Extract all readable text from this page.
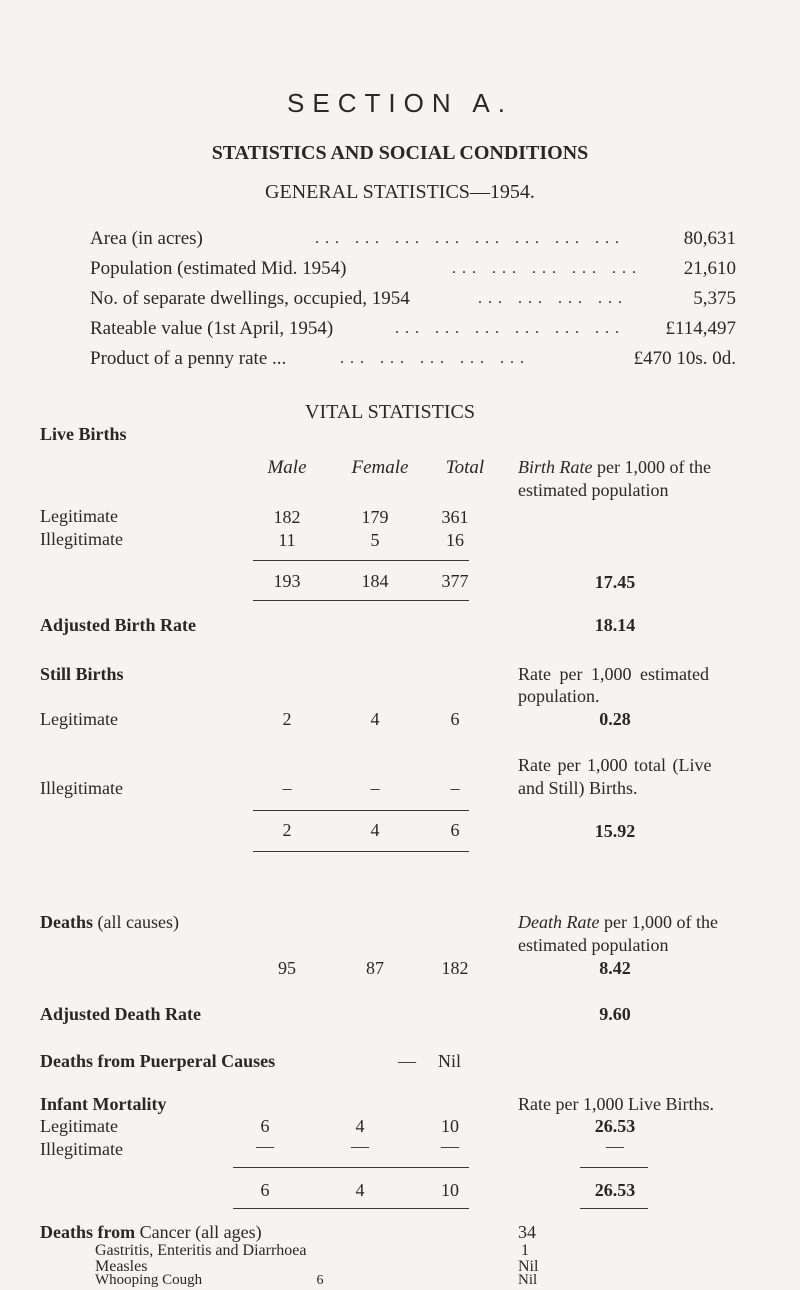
SECTION A.
STATISTICS AND SOCIAL CONDITIONS
GENERAL STATISTICS—1954.
Area (in acres)	... ... ... ... ... ... ... ...	80,631
Population (estimated Mid. 1954)	... ... ... ... ...	21,610
No. of separate dwellings, occupied, 1954	... ... ... ...	5,375
Rateable value (1st April, 1954)	... ... ... ... ... ...	£114,497
Product of a penny rate ...	... ... ... ... ...	£470 10s. 0d.
VITAL STATISTICS
Live Births
Male	Female	Total	Birth Rate per 1,000 of the
estimated population
Legitimate	182	179	361
Illegitimate	11	5	16
193	184	377	17.45
Adjusted Birth Rate	18.14
Still Births	Rate per 1,000 estimated
population.
Legitimate	2	4	6	0.28
Rate per 1,000 total (Live
Illegitimate	–	–	–	and Still) Births.
2	4	6	15.92
Deaths (all causes)	Death Rate per 1,000 of the
estimated population
95	87	182	8.42
Adjusted Death Rate	9.60
Deaths from Puerperal Causes	— Nil
Infant Mortality	Rate per 1,000 Live Births.
Legitimate	6	4	10	26.53
Illegitimate	—	—	—	—
6	4	10	26.53
Deaths from Cancer (all ages)	34
Gastritis, Enteritis and Diarrhoea	1
Measles	Nil
Whooping Cough	Nil
6
